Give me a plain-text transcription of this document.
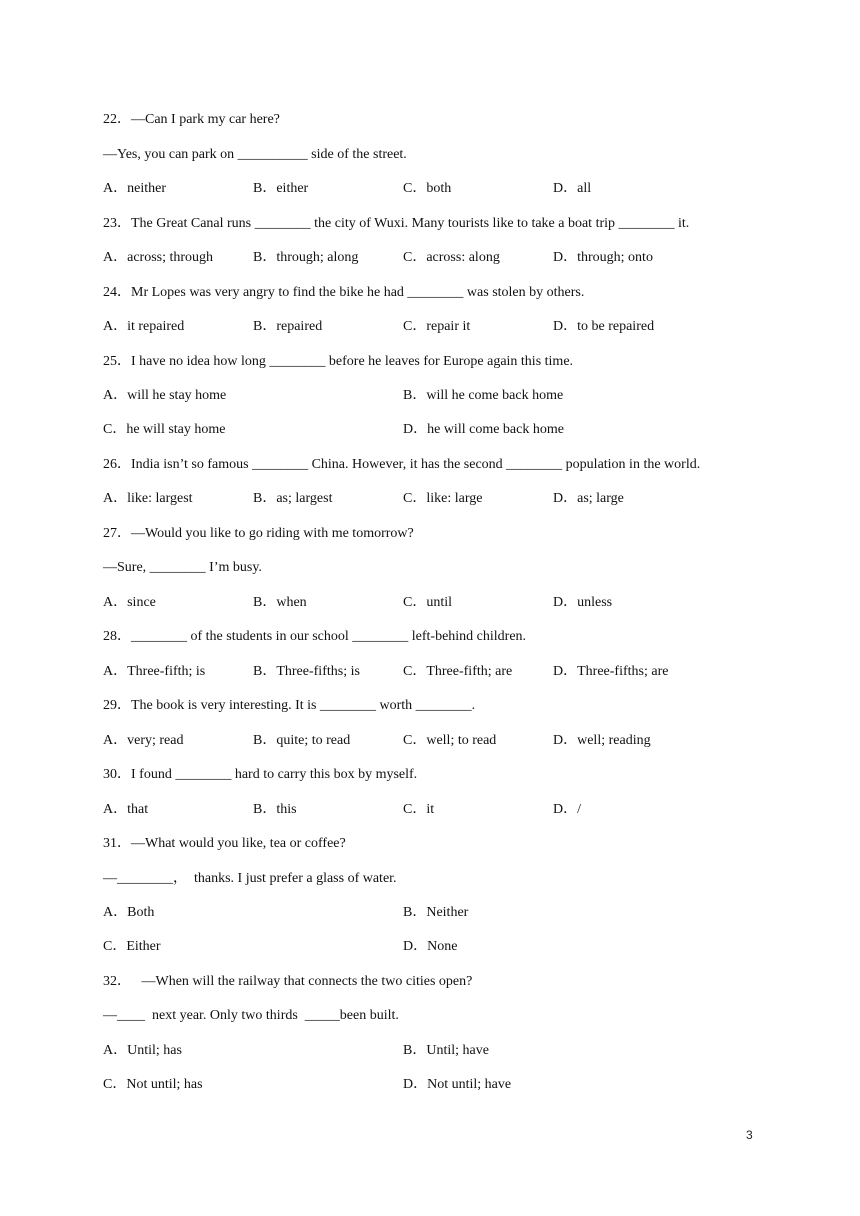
22．—Can I park my car here?
—Yes, you can park on __________ side of the street.
A．neither	B．either	C．both	D．all
23．The Great Canal runs ________ the city of Wuxi. Many tourists like to take a boat trip ________ it.
A．across; through	B．through; along	C．across: along	D．through; onto
24．Mr Lopes was very angry to find the bike he had ________ was stolen by others.
A．it repaired	B．repaired	C．repair it	D．to be repaired
25．I have no idea how long ________ before he leaves for Europe again this time.
A．will he stay home	B．will he come back home
C．he will stay home	D．he will come back home
26．India isn’t so famous ________ China. However, it has the second ________ population in the world.
A．like: largest	B．as; largest	C．like: large	D．as; large
27．—Would you like to go riding with me tomorrow?
—Sure, ________ I’m busy.
A．since	B．when	C．until	D．unless
28．________ of the students in our school ________ left-behind children.
A．Three-fifth; is	B．Three-fifths; is	C．Three-fifth; are	D．Three-fifths; are
29．The book is very interesting. It is ________ worth ________.
A．very; read	B．quite; to read	C．well; to read	D．well; reading
30．I found ________ hard to carry this box by myself.
A．that	B．this	C．it	D．/
31．—What would you like, tea or coffee?
—________，  thanks. I just prefer a glass of water.
A．Both	B．Neither
C．Either	D．None
32．   —When will the railway that connects the two cities open?
—____  next year. Only two thirds  _____been built.
A．Until; has	B．Until; have
C．Not until; has	D．Not until; have
3
